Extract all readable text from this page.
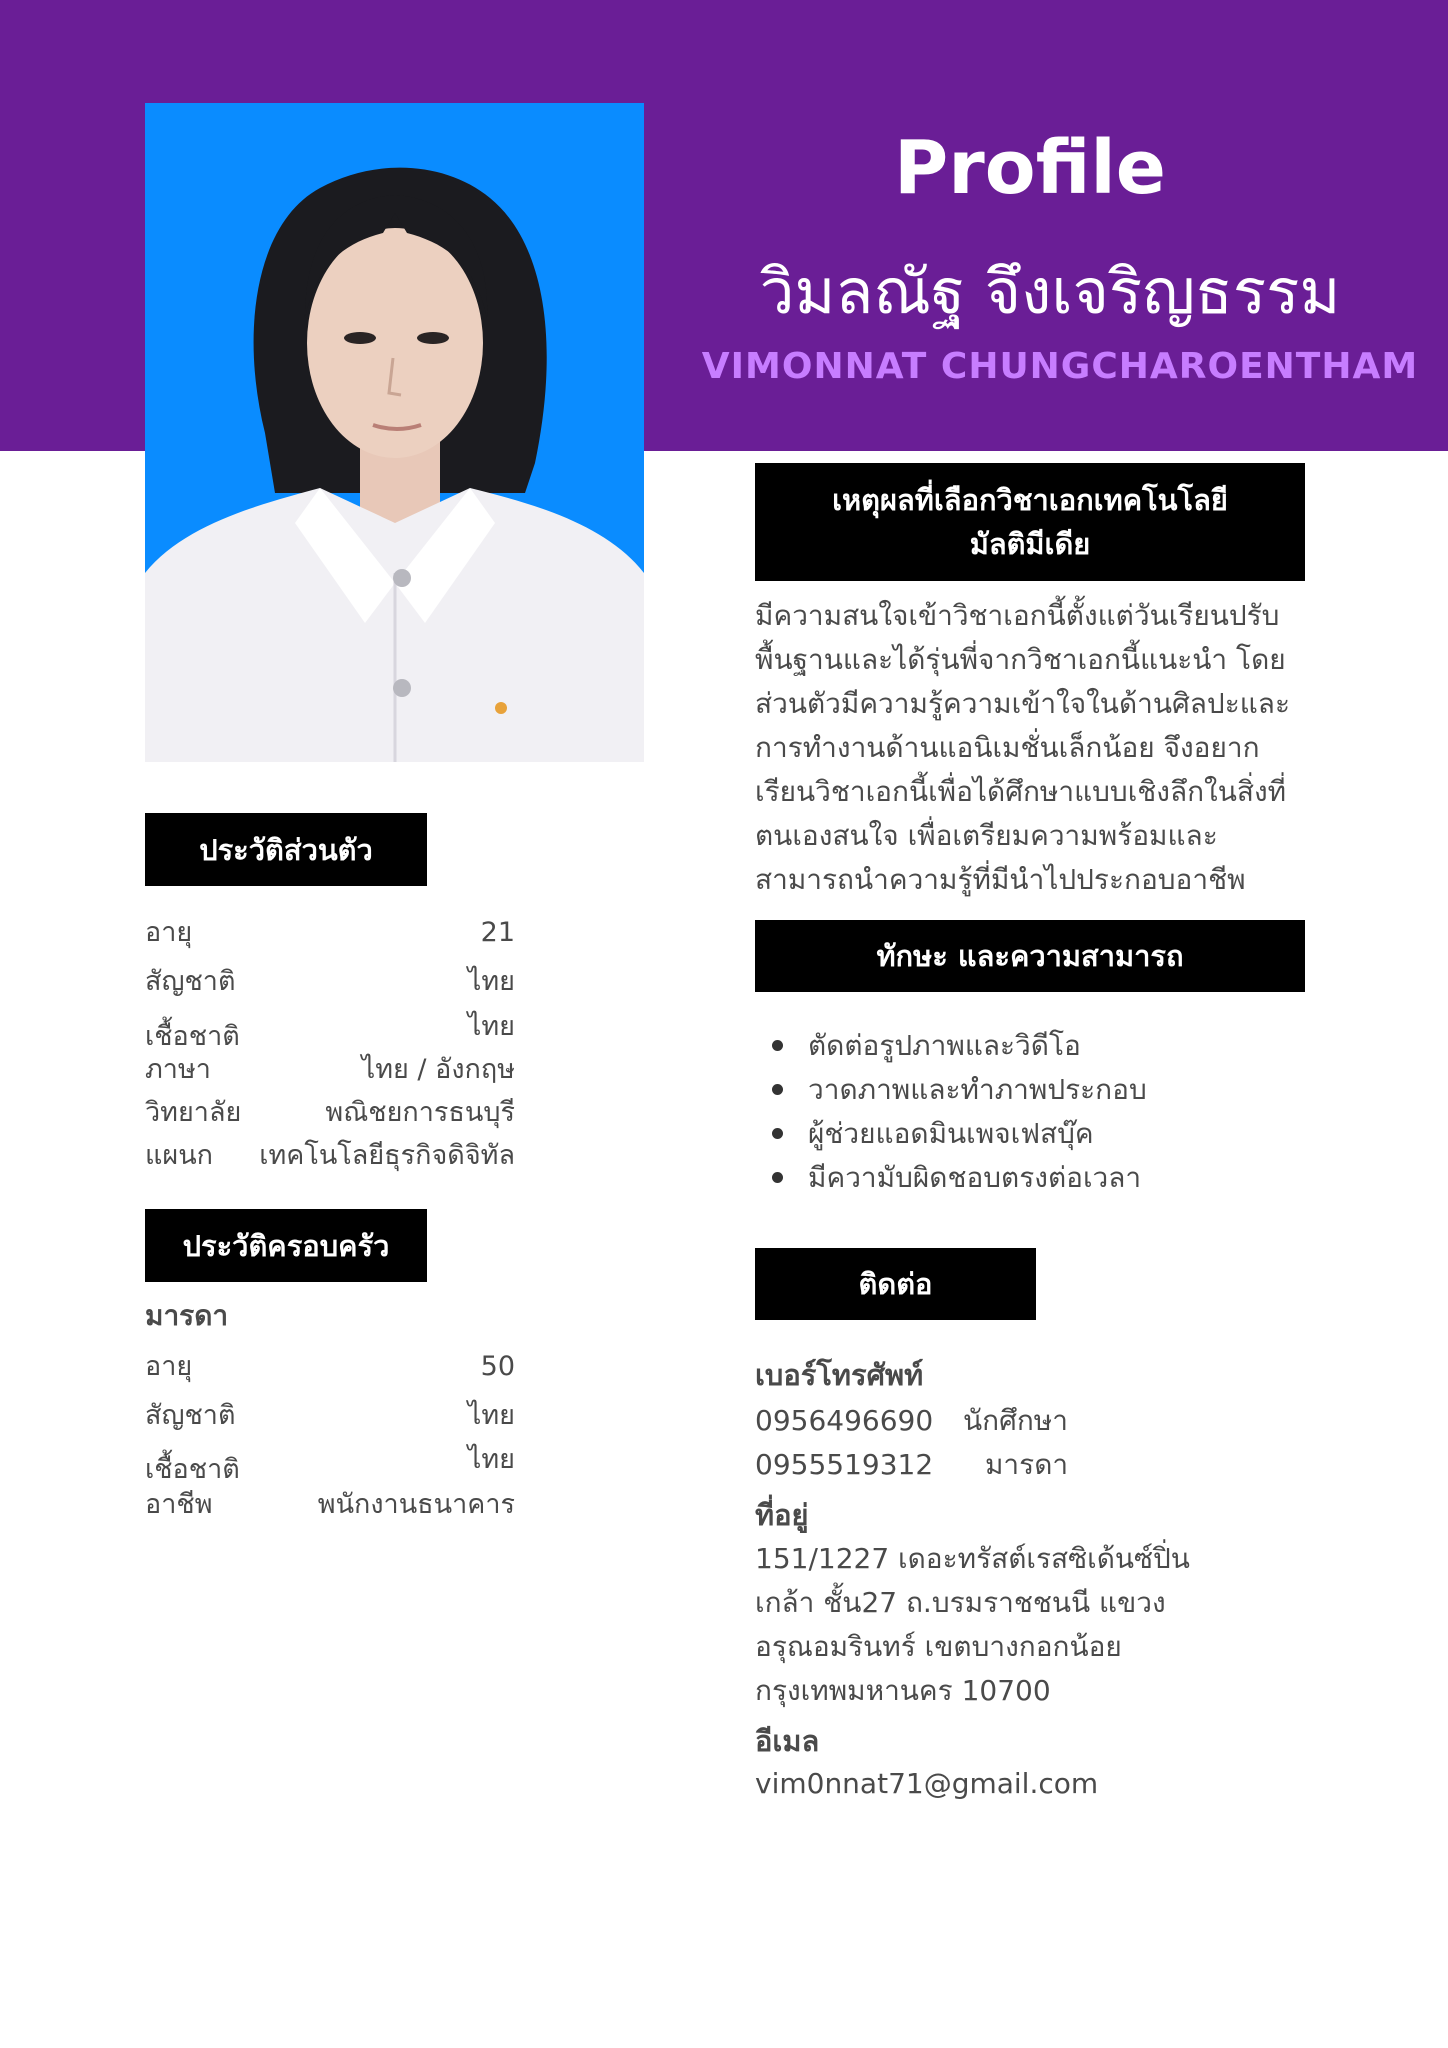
Profile
วิมลณัฐ จึงเจริญธรรม
VIMONNAT CHUNGCHAROENTHAM
ประวัติส่วนตัว
อายุ	21
สัญชาติ	ไทย
เชื้อชาติ	ไทย
ภาษา	ไทย / อังกฤษ
วิทยาลัย	พณิชยการธนบุรี
แผนก เทคโนโลยีธุรกิจดิจิทัล
ประวัติครอบครัว
มารดา
อายุ	50
สัญชาติ	ไทย
เชื้อชาติ	ไทย
อาชีพ	พนักงานธนาคาร
เหตุผลที่เลือกวิชาเอกเทคโนโลยี
มัลติมีเดีย
มีความสนใจเข้าวิชาเอกนี้ตั้งแต่วันเรียนปรับ
พื้นฐานและได้รุ่นพี่จากวิชาเอกนี้แนะนำ โดย
ส่วนตัวมีความรู้ความเข้าใจในด้านศิลปะและ
การทำงานด้านแอนิเมชั่นเล็กน้อย จึงอยาก
เรียนวิชาเอกนี้เพื่อได้ศึกษาแบบเชิงลึกในสิ่งที่
ตนเองสนใจ เพื่อเตรียมความพร้อมและ
สามารถนำความรู้ที่มีนำไปประกอบอาชีพ
ทักษะ และความสามารถ
ตัดต่อรูปภาพและวิดีโอ
วาดภาพและทำภาพประกอบ
ผู้ช่วยแอดมินเพจเฟสบุ๊ค
มีความับผิดชอบตรงต่อเวลา
ติดต่อ
เบอร์โทรศัพท์
0956496690 นักศึกษา
0955519312 มารดา
ที่อยู่
151/1227 เดอะทรัสต์เรสซิเด้นซ์ปิ่น
เกล้า ชั้น27 ถ.บรมราชชนนี แขวง
อรุณอมรินทร์ เขตบางกอกน้อย
กรุงเทพมหานคร 10700
อีเมล
vim0nnat71@gmail.com
